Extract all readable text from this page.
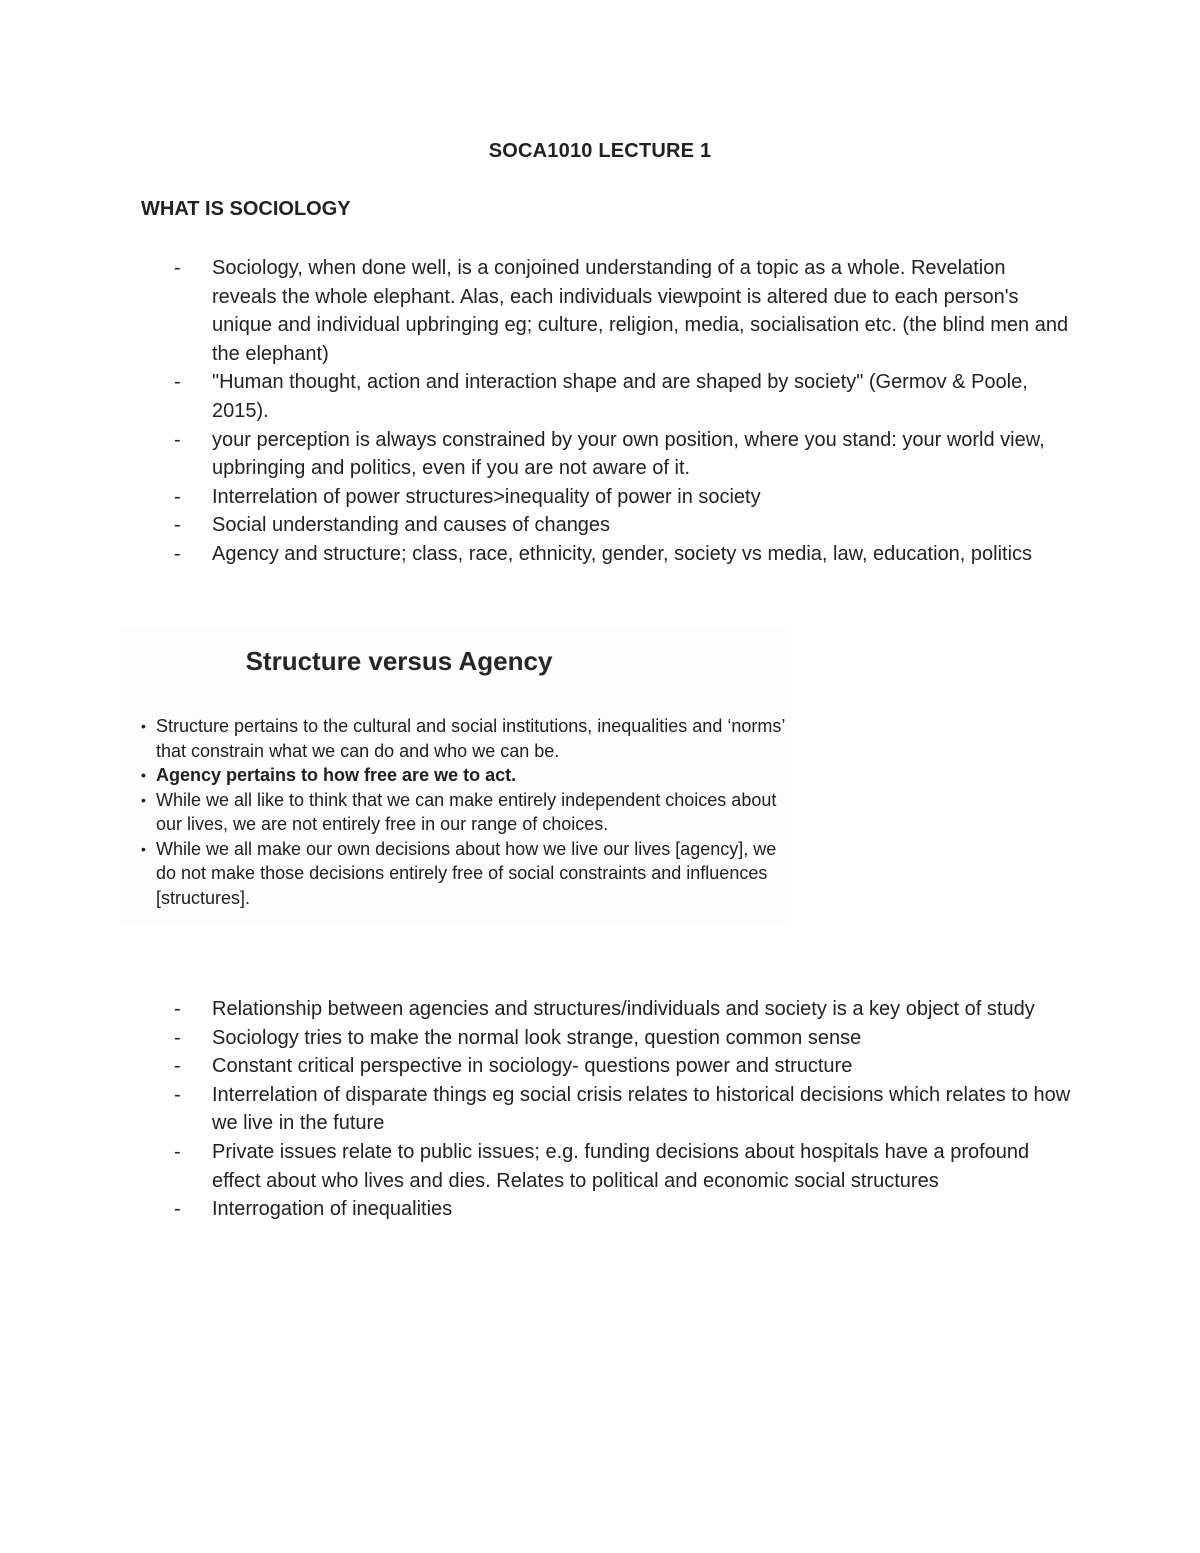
SOCA1010 LECTURE 1
WHAT IS SOCIOLOGY
- Sociology, when done well, is a conjoined understanding of a topic as a whole. Revelation reveals the whole elephant. Alas, each individuals viewpoint is altered due to each person's unique and individual upbringing eg; culture, religion, media, socialisation etc. (the blind men and the elephant)
- "Human thought, action and interaction shape and are shaped by society" (Germov & Poole, 2015).
- your perception is always constrained by your own position, where you stand: your world view, upbringing and politics, even if you are not aware of it.
- Interrelation of power structures>inequality of power in society
- Social understanding and causes of changes
- Agency and structure; class, race, ethnicity, gender, society vs media, law, education, politics
Structure versus Agency
• Structure pertains to the cultural and social institutions, inequalities and ‘norms’ that constrain what we can do and who we can be.
• Agency pertains to how free are we to act.
• While we all like to think that we can make entirely independent choices about our lives, we are not entirely free in our range of choices.
• While we all make our own decisions about how we live our lives [agency], we do not make those decisions entirely free of social constraints and influences [structures].
- Relationship between agencies and structures/individuals and society is a key object of study
- Sociology tries to make the normal look strange, question common sense
- Constant critical perspective in sociology- questions power and structure
- Interrelation of disparate things eg social crisis relates to historical decisions which relates to how we live in the future
- Private issues relate to public issues; e.g. funding decisions about hospitals have a profound effect about who lives and dies. Relates to political and economic social structures
- Interrogation of inequalities
